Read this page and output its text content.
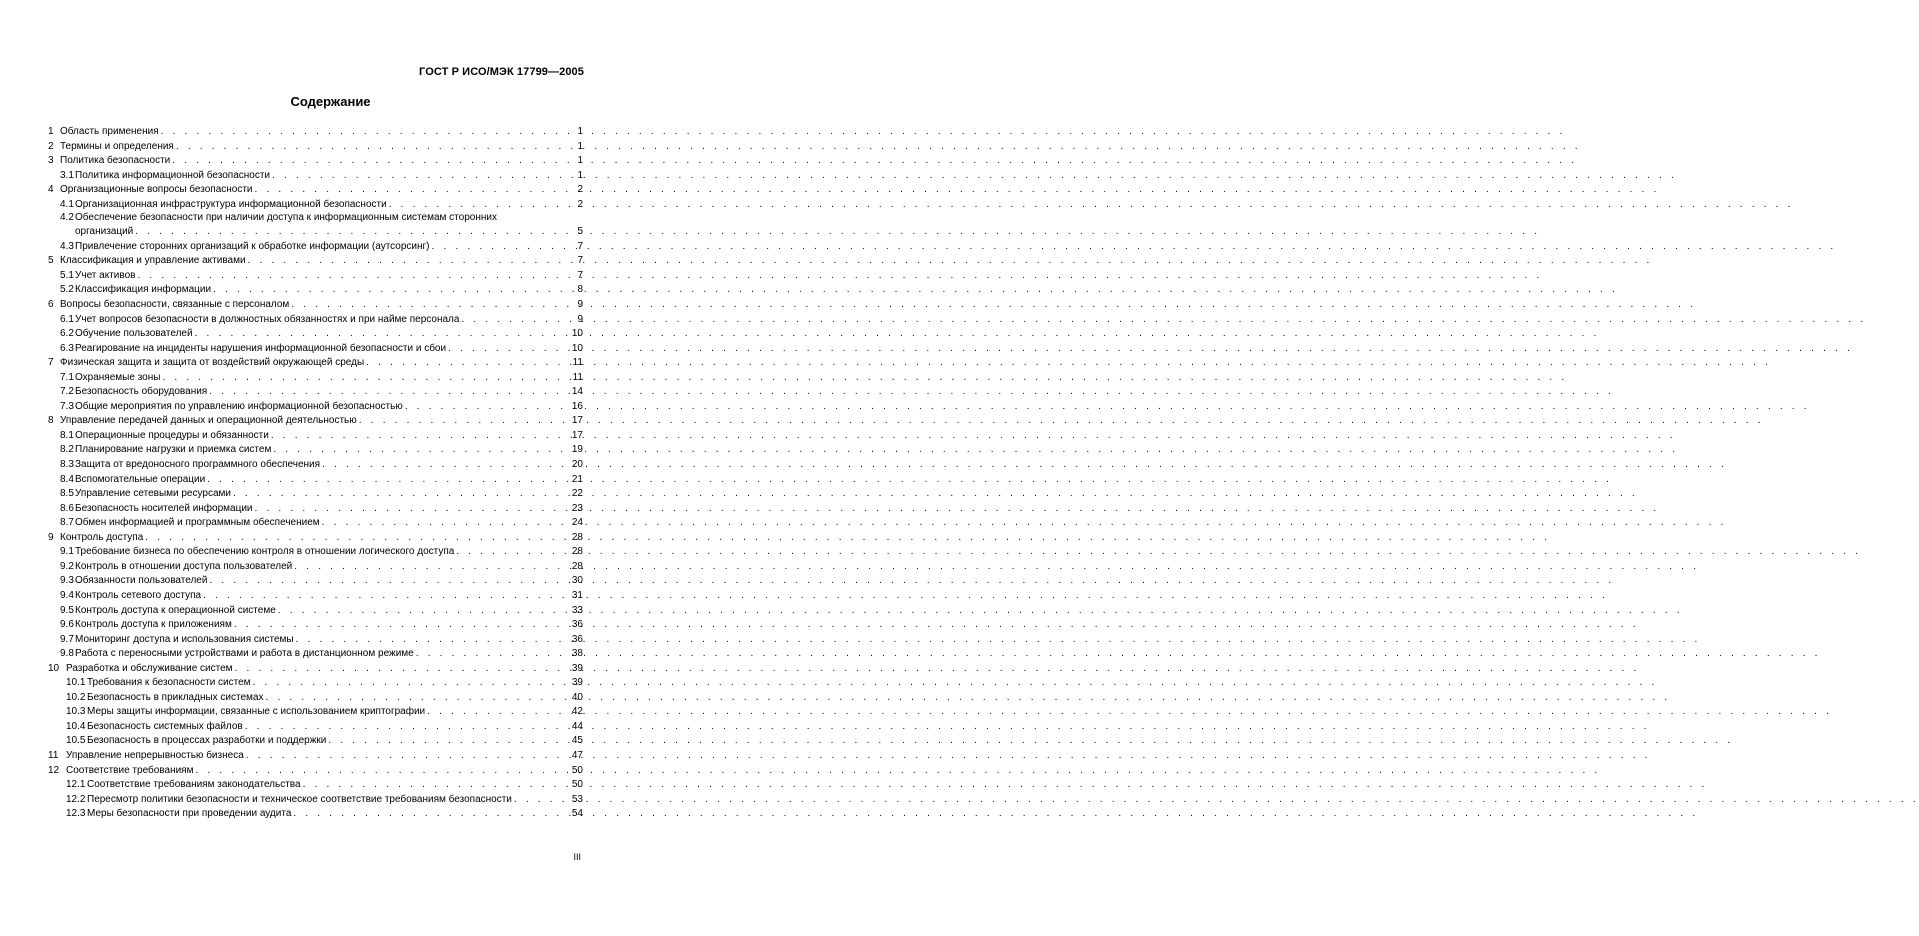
ГОСТ Р ИСО/МЭК 17799—2005
Содержание
1 Область применения . . .	1
2 Термины и определения . . .	1
3 Политика безопасности . . .	1
3.1 Политика информационной безопасности . . .	1
4 Организационные вопросы безопасности . . .	2
4.1 Организационная инфраструктура информационной безопасности . . .	2
4.2 Обеспечение безопасности при наличии доступа к информационным системам сторонних
организаций . . .	5
4.3 Привлечение сторонних организаций к обработке информации (аутсорсинг) . . .	7
5 Классификация и управление активами . . .	7
5.1 Учет активов . . .	7
5.2 Классификация информации . . .	8
6 Вопросы безопасности, связанные с персоналом . . .	9
6.1 Учет вопросов безопасности в должностных обязанностях и при найме персонала . . .	9
6.2 Обучение пользователей . . .	10
6.3 Реагирование на инциденты нарушения информационной безопасности и сбои . . .	10
7 Физическая защита и защита от воздействий окружающей среды . . .	11
7.1 Охраняемые зоны . . .	11
7.2 Безопасность оборудования . . .	14
7.3 Общие мероприятия по управлению информационной безопасностью . . .	16
8 Управление передачей данных и операционной деятельностью . . .	17
8.1 Операционные процедуры и обязанности . . .	17
8.2 Планирование нагрузки и приемка систем . . .	19
8.3 Защита от вредоносного программного обеспечения . . .	20
8.4 Вспомогательные операции . . .	21
8.5 Управление сетевыми ресурсами . . .	22
8.6 Безопасность носителей информации . . .	23
8.7 Обмен информацией и программным обеспечением . . .	24
9 Контроль доступа . . .	28
9.1 Требование бизнеса по обеспечению контроля в отношении логического доступа . . .	28
9.2 Контроль в отношении доступа пользователей . . .	28
9.3 Обязанности пользователей . . .	30
9.4 Контроль сетевого доступа . . .	31
9.5 Контроль доступа к операционной системе . . .	33
9.6 Контроль доступа к приложениям . . .	36
9.7 Мониторинг доступа и использования системы . . .	36
9.8 Работа с переносными устройствами и работа в дистанционном режиме . . .	38
10 Разработка и обслуживание систем . . .	39
10.1 Требования к безопасности систем . . .	39
10.2 Безопасность в прикладных системах . . .	40
10.3 Меры защиты информации, связанные с использованием криптографии . . .	42
10.4 Безопасность системных файлов . . .	44
10.5 Безопасность в процессах разработки и поддержки . . .	45
11 Управление непрерывностью бизнеса . . .	47
12 Соответствие требованиям . . .	50
12.1 Соответствие требованиям законодательства . . .	50
12.2 Пересмотр политики безопасности и техническое соответствие требованиям безопасности . . .	53
12.3 Меры безопасности при проведении аудита . . .	54
III
